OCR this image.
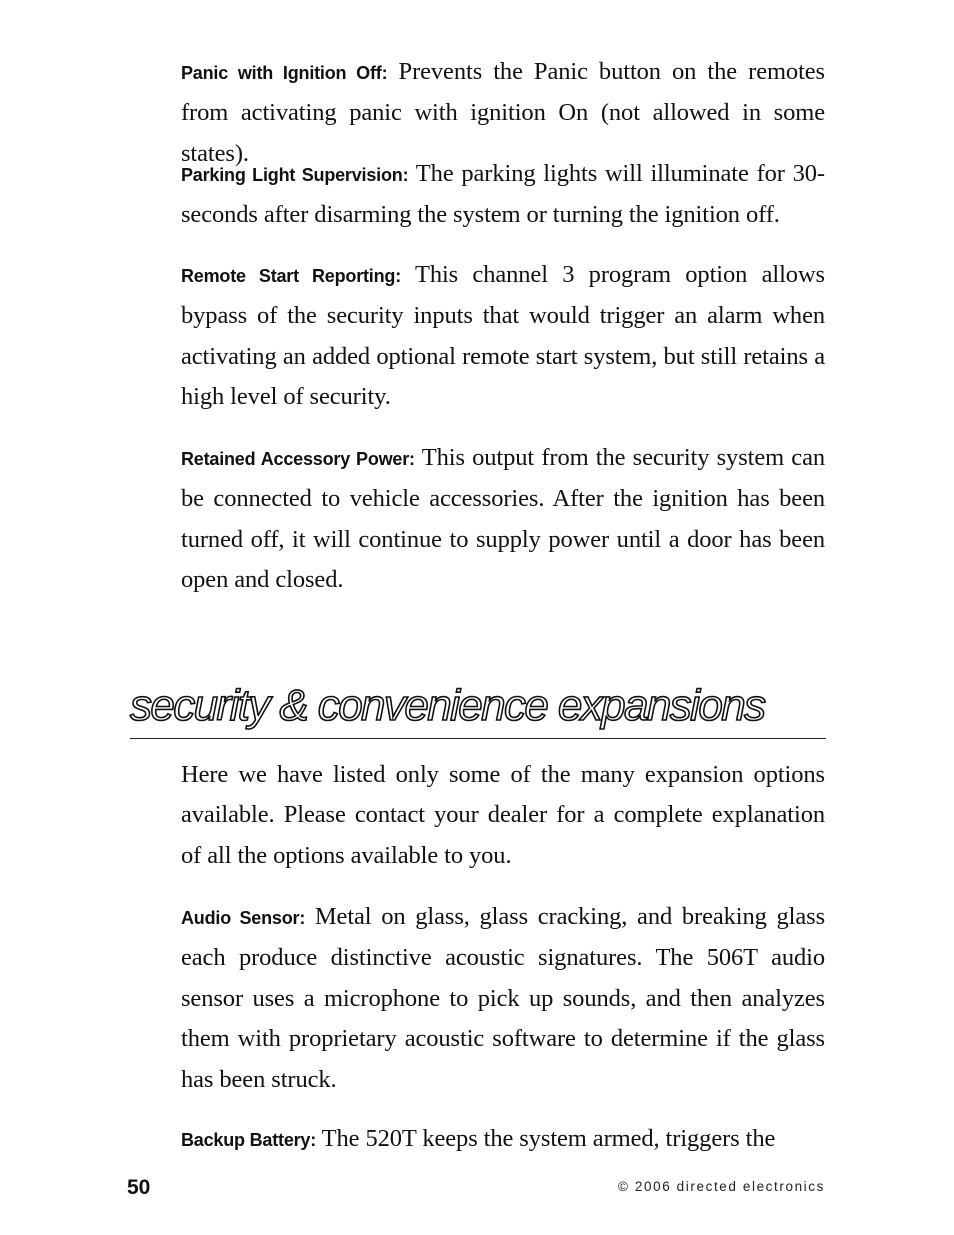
Panic with Ignition Off: Prevents the Panic button on the remotes from activating panic with ignition On (not allowed in some states).

Parking Light Supervision: The parking lights will illuminate for 30-seconds after disarming the system or turning the ignition off.

Remote Start Reporting: This channel 3 program option allows bypass of the security inputs that would trigger an alarm when activating an added optional remote start system, but still retains a high level of security.

Retained Accessory Power: This output from the security system can be connected to vehicle accessories. After the ignition has been turned off, it will continue to supply power until a door has been open and closed.

security & convenience expansions

Here we have listed only some of the many expansion options available. Please contact your dealer for a complete explanation of all the options available to you.

Audio Sensor: Metal on glass, glass cracking, and breaking glass each produce distinctive acoustic signatures. The 506T audio sensor uses a microphone to pick up sounds, and then analyzes them with proprietary acoustic software to determine if the glass has been struck.

Backup Battery: The 520T keeps the system armed, triggers the

50	© 2006 directed electronics
